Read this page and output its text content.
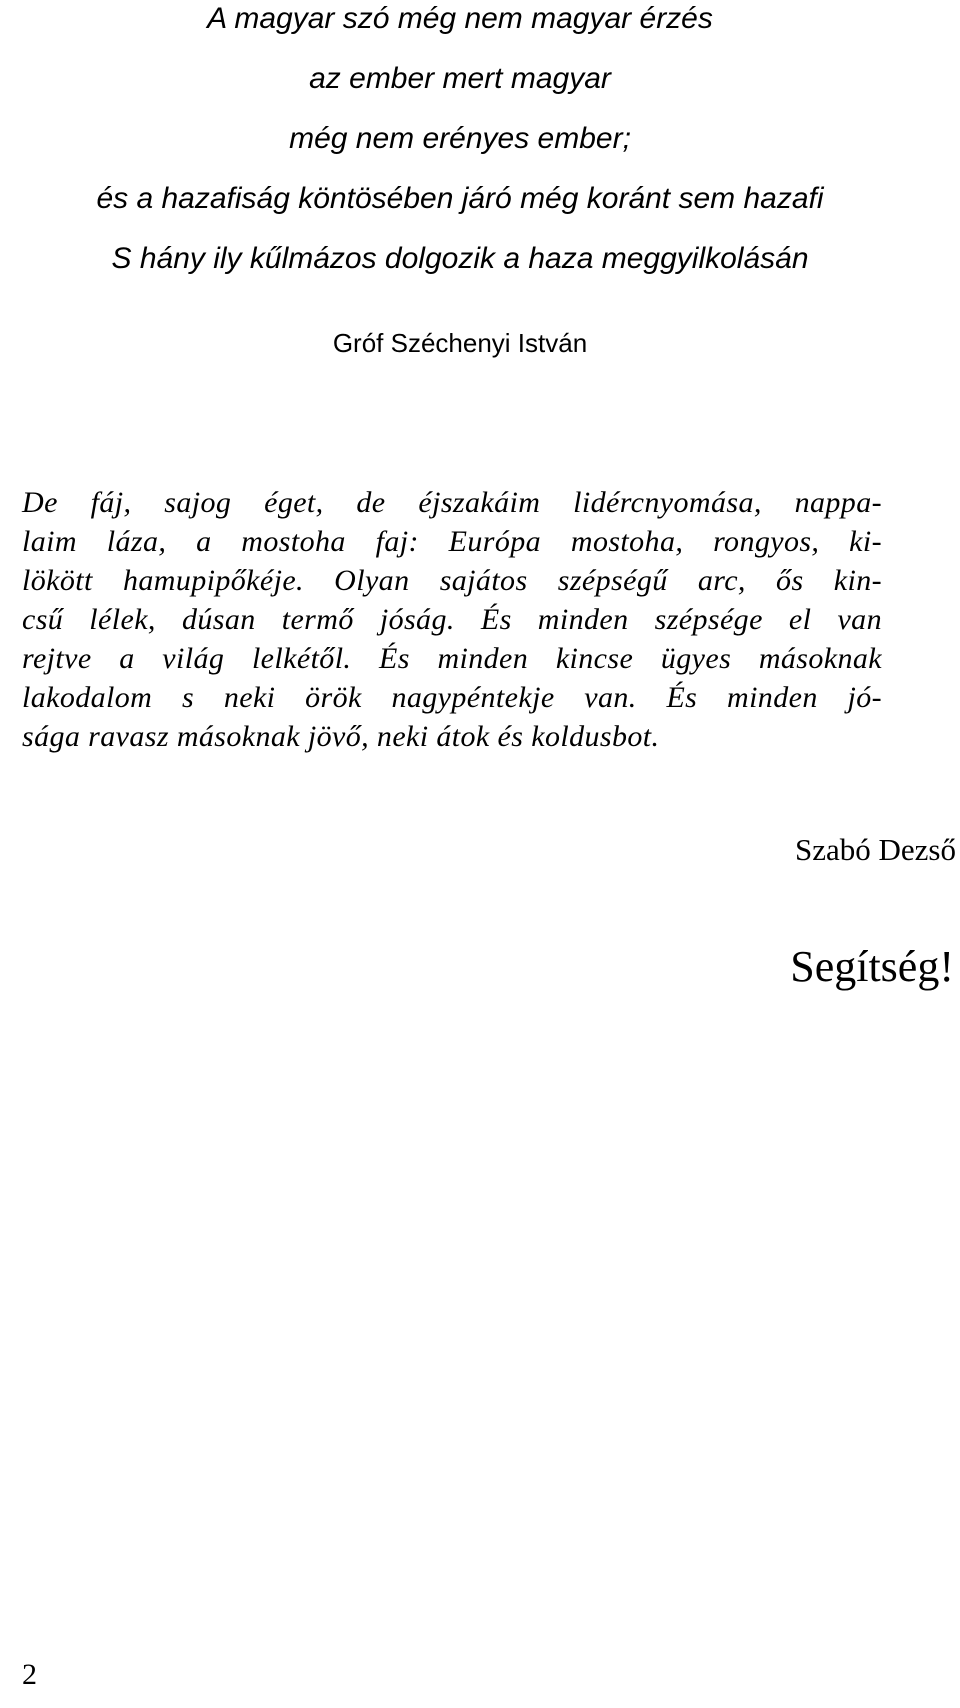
A magyar szó még nem magyar érzés
az ember mert magyar
még nem erényes ember;
és a hazafiság köntösében járó még koránt sem hazafi
S hány ily kűlmázos dolgozik a haza meggyilkolásán
Gróf Széchenyi István
De fáj, sajog éget, de éjszakáim lidércnyomása, nappa-
laim láza, a mostoha faj: Európa mostoha, rongyos, ki-
lökött hamupipőkéje. Olyan sajátos szépségű arc, ős kin-
csű lélek, dúsan termő jóság. És minden szépsége el van
rejtve a világ lelkétől. És minden kincse ügyes másoknak
lakodalom s neki örök nagypéntekje van. És minden jó-
sága ravasz másoknak jövő, neki átok és koldusbot.
Szabó Dezső
Segítség!
2
